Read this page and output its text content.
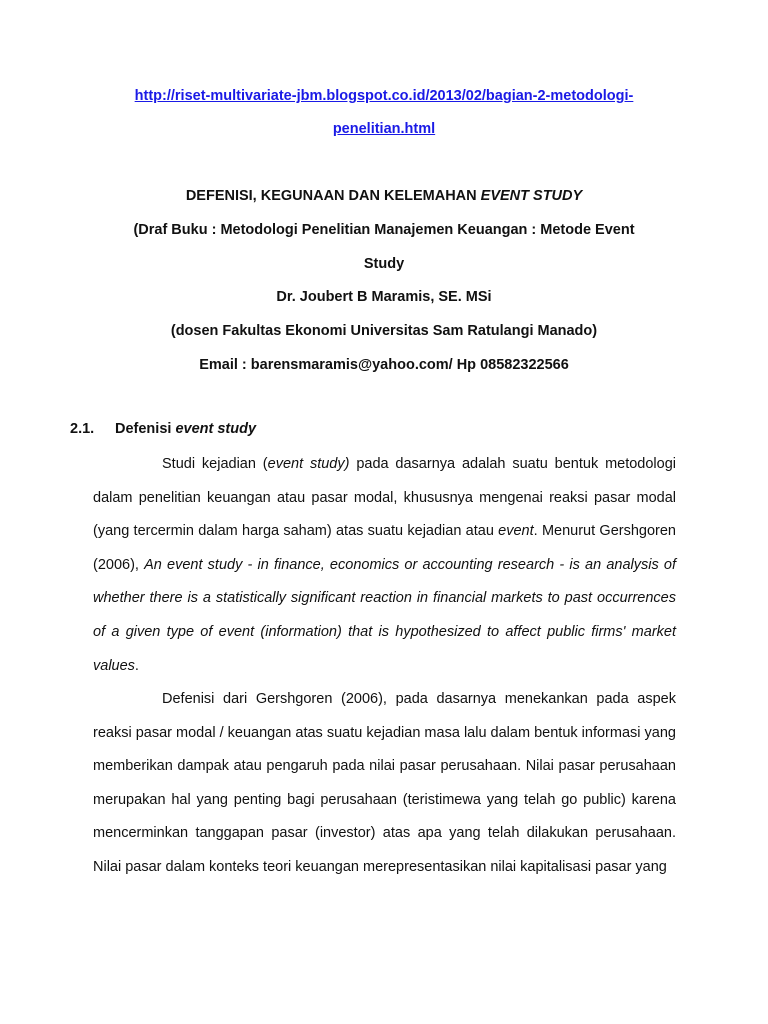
http://riset-multivariate-jbm.blogspot.co.id/2013/02/bagian-2-metodologi-
penelitian.html
DEFENISI, KEGUNAAN DAN KELEMAHAN EVENT STUDY
(Draf Buku : Metodologi Penelitian Manajemen Keuangan : Metode Event
Study
Dr. Joubert B Maramis, SE. MSi
(dosen Fakultas Ekonomi Universitas Sam Ratulangi Manado)
Email : barensmaramis@yahoo.com/ Hp 08582322566
2.1. Defenisi event study

Studi kejadian (event study) pada dasarnya adalah suatu bentuk metodologi dalam penelitian keuangan atau pasar modal, khususnya mengenai reaksi pasar modal (yang tercermin dalam harga saham) atas suatu kejadian atau event. Menurut Gershgoren (2006), An event study - in finance, economics or accounting research - is an analysis of whether there is a statistically significant reaction in financial markets to past occurrences of a given type of event (information) that is hypothesized to affect public firms' market values.

Defenisi dari Gershgoren (2006), pada dasarnya menekankan pada aspek reaksi pasar modal / keuangan atas suatu kejadian masa lalu dalam bentuk informasi yang memberikan dampak atau pengaruh pada nilai pasar perusahaan. Nilai pasar perusahaan merupakan hal yang penting bagi perusahaan (teristimewa yang telah go public) karena mencerminkan tanggapan pasar (investor) atas apa yang telah dilakukan perusahaan. Nilai pasar dalam konteks teori keuangan merepresentasikan nilai kapitalisasi pasar yang
